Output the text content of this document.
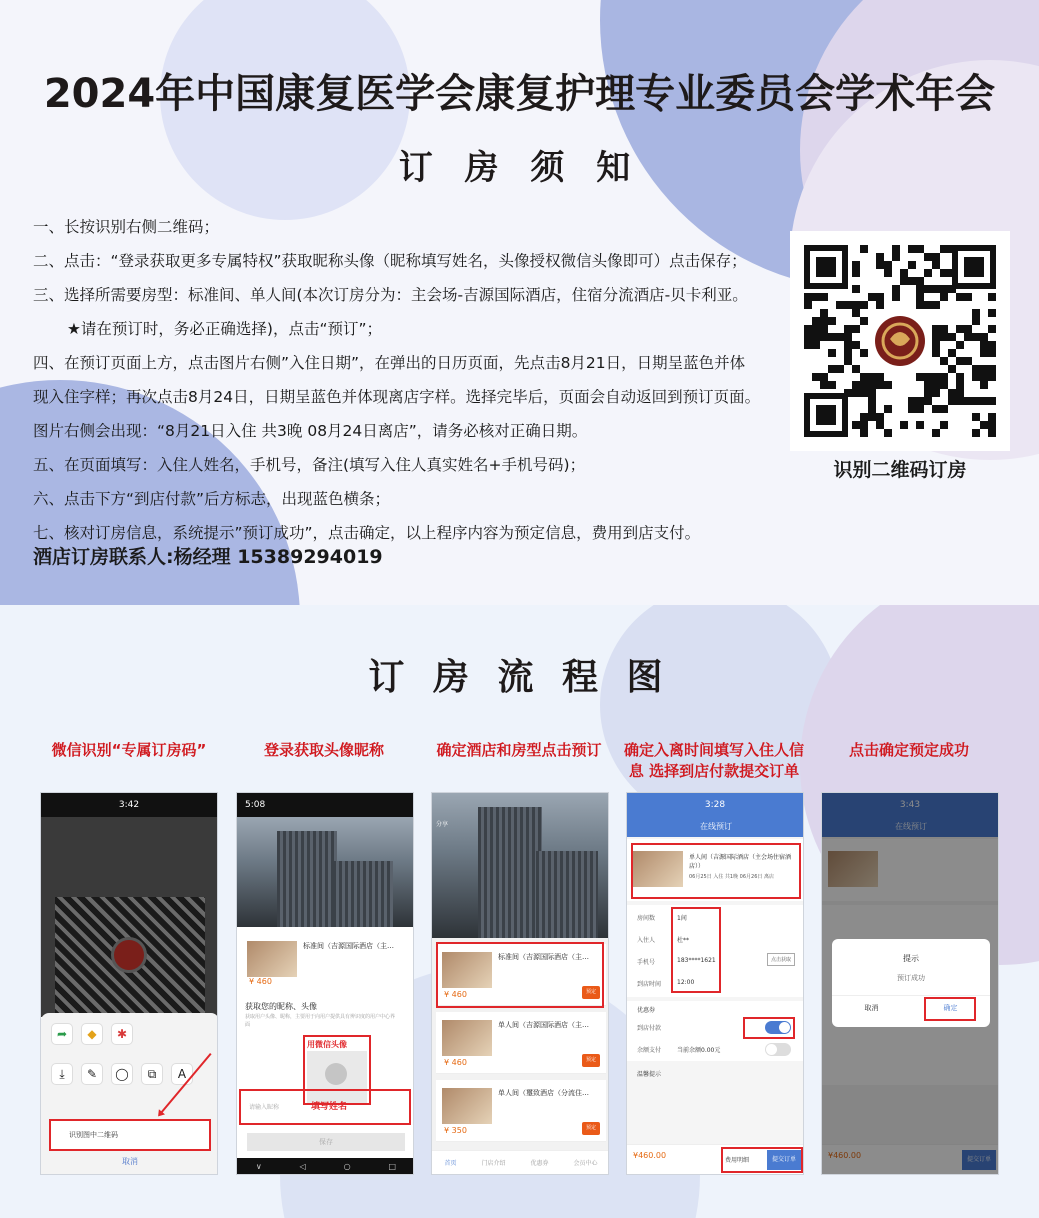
2024年中国康复医学会康复护理专业委员会学术年会
订 房 须 知
一、长按识别右侧二维码；
二、点击：“登录获取更多专属特权”获取昵称头像（昵称填写姓名，头像授权微信头像即可）点击保存；
三、选择所需要房型：标准间、单人间(本次订房分为：主会场-吉源国际酒店，住宿分流酒店-贝卡利亚。
★请在预订时，务必正确选择)，点击“预订”；
四、在预订页面上方，点击图片右侧”入住日期”，在弹出的日历页面，先点击8月21日，日期呈蓝色并体
现入住字样；再次点击8月24日，日期呈蓝色并体现离店字样。选择完毕后，页面会自动返回到预订页面。
图片右侧会出现：“8月21日入住 共3晚 08月24日离店”，请务必核对正确日期。
五、在页面填写：入住人姓名，手机号，备注(填写入住人真实姓名+手机号码)；
六、点击下方“到店付款”后方标志，出现蓝色横条；
七、核对订房信息，系统提示”预订成功”，点击确定，以上程序内容为预定信息，费用到店支付。
酒店订房联系人:杨经理 15389294019
识别二维码订房
订 房 流 程 图
微信识别“专属订房码”	登录获取头像昵称	确定酒店和房型点击预订	确定入离时间填写入住人信息 选择到店付款提交订单
点击确定预定成功
3:42
➦	◆	✱
⤓	✎	◯	⧉	A
识别图中二维码
取消
5:08
标准间（吉源国际酒店（主…
¥ 460
获取您的昵称、头像
获取用户头像、昵称，主要用于向用户提供具有辨识度的用户中心界面
用微信头像
请输入昵称	填写姓名
保存
∨	◁	○	□
分享
标准间（吉源国际酒店（主…
¥ 460	预定
单人间（吉源国际酒店（主…
¥ 460	预定
单人间（璽致酒店（分流住…
¥ 350	预定
首页	门店介绍	优惠券	会员中心
3:28
在线预订
单人间（吉源国际酒店（主会场住宿酒店））
06月25日 入住 共1晚 06月26日 离店
房间数	1间
入住人	杜**
手机号	183****1621	点击获取
到店时间	12:00
优惠券
到店付款
余额支付	当前余额0.00元
温馨提示
¥460.00
费用明细	提交订单
3:43
在线预订
¥460.00	提交订单
提示
预订成功
取消	确定
